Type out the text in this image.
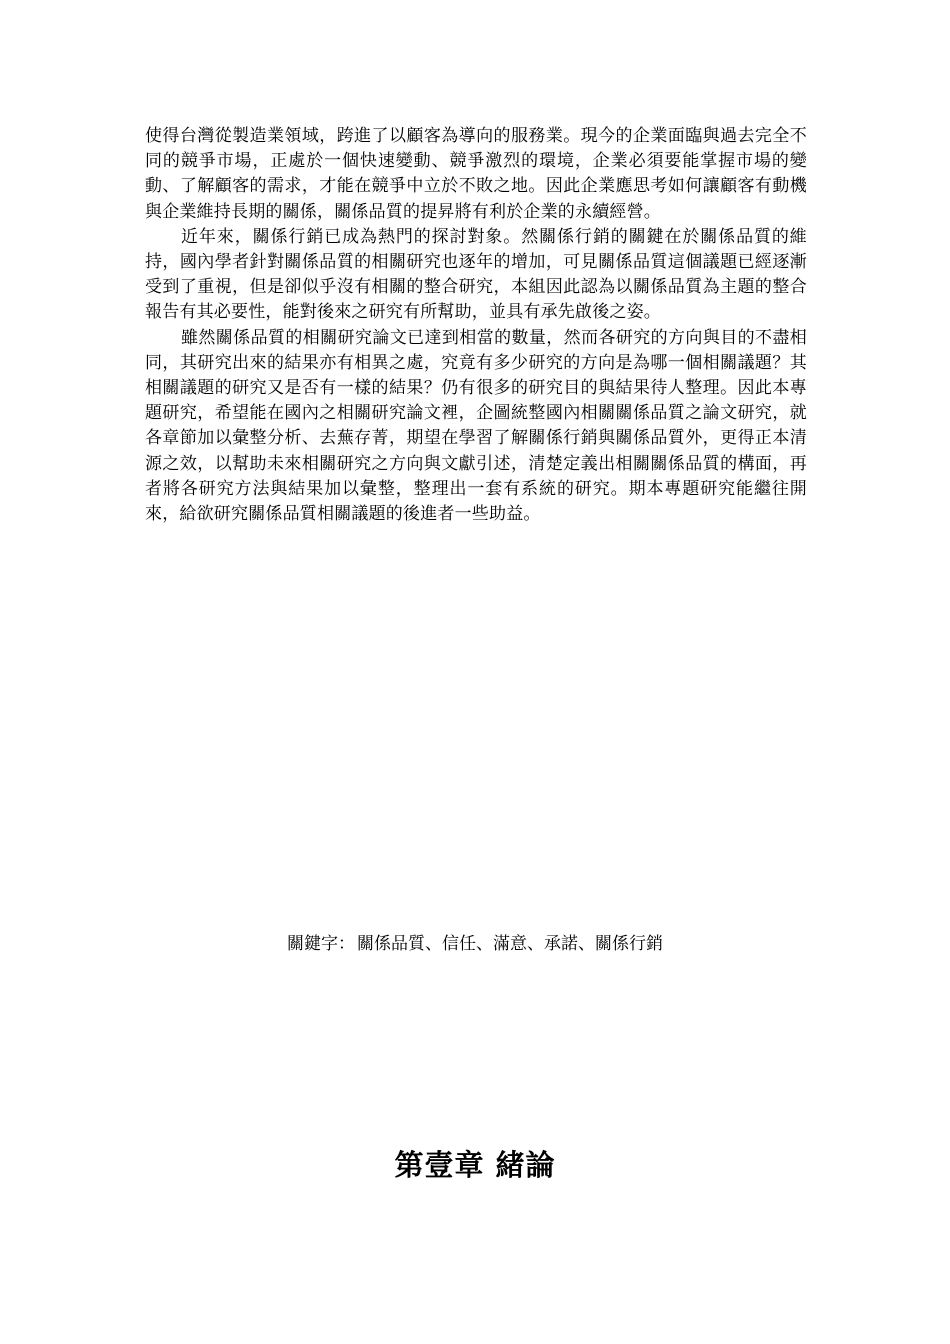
使得台灣從製造業領域，跨進了以顧客為導向的服務業。現今的企業面臨與過去完全不同的競爭市場，正處於一個快速變動、競爭激烈的環境，企業必須要能掌握市場的變動、了解顧客的需求，才能在競爭中立於不敗之地。因此企業應思考如何讓顧客有動機與企業維持長期的關係，關係品質的提昇將有利於企業的永續經營。

近年來，關係行銷已成為熱門的探討對象。然關係行銷的關鍵在於關係品質的維持，國內學者針對關係品質的相關研究也逐年的增加，可見關係品質這個議題已經逐漸受到了重視，但是卻似乎沒有相關的整合研究，本組因此認為以關係品質為主題的整合報告有其必要性，能對後來之研究有所幫助，並具有承先啟後之姿。

雖然關係品質的相關研究論文已達到相當的數量，然而各研究的方向與目的不盡相同，其研究出來的結果亦有相異之處，究竟有多少研究的方向是為哪一個相關議題？其相關議題的研究又是否有一樣的結果？仍有很多的研究目的與結果待人整理。因此本專題研究，希望能在國內之相關研究論文裡，企圖統整國內相關關係品質之論文研究，就各章節加以彙整分析、去蕪存菁，期望在學習了解關係行銷與關係品質外，更得正本清源之效，以幫助未來相關研究之方向與文獻引述，清楚定義出相關關係品質的構面，再者將各研究方法與結果加以彙整，整理出一套有系統的研究。期本專題研究能繼往開來，給欲研究關係品質相關議題的後進者一些助益。

關鍵字： 關係品質、信任、滿意、承諾、關係行銷
第壹章 緒論
